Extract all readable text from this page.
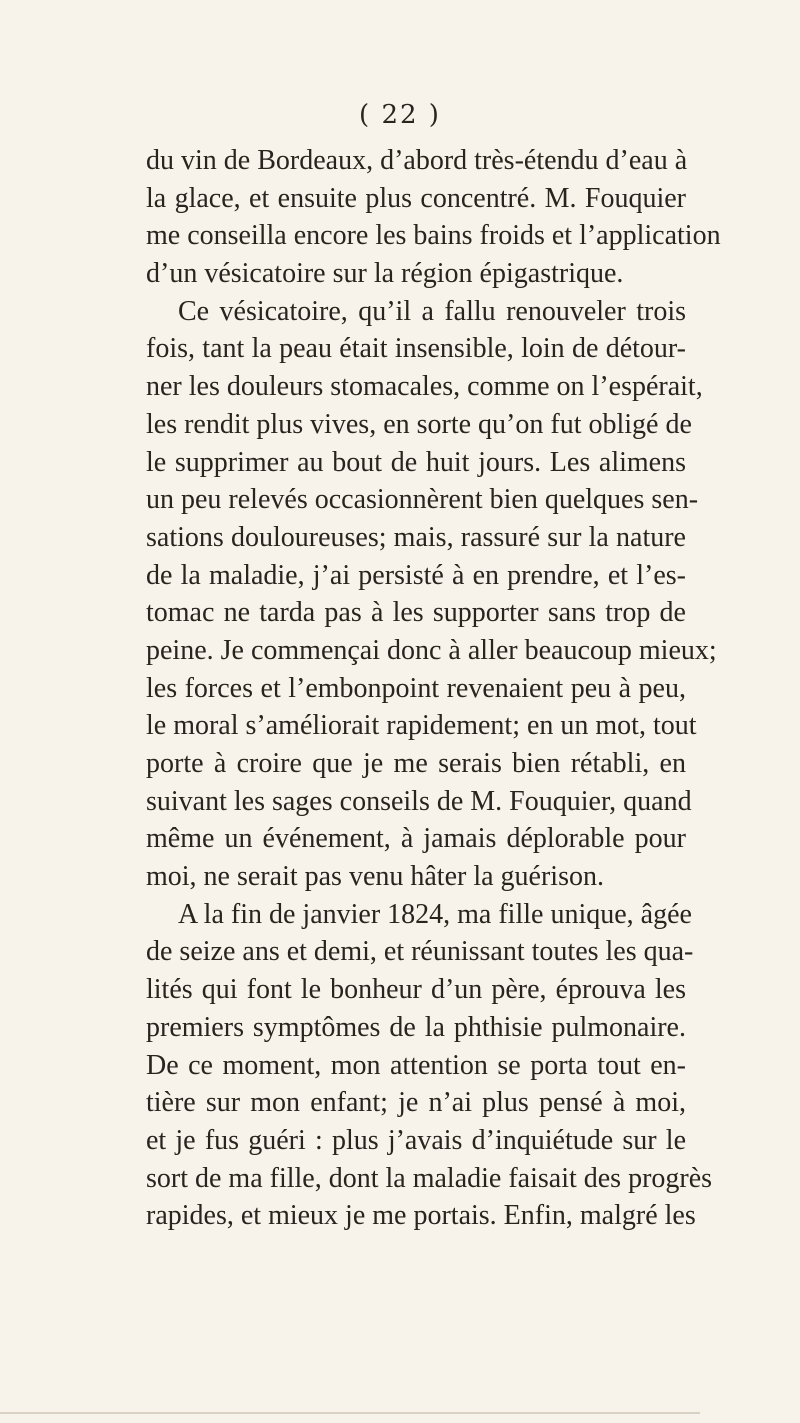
( 22 )
du vin de Bordeaux, d’abord très-étendu d’eau à
la glace, et ensuite plus concentré. M. Fouquier
me conseilla encore les bains froids et l’application
d’un vésicatoire sur la région épigastrique.
Ce vésicatoire, qu’il a fallu renouveler trois
fois, tant la peau était insensible, loin de détour-
ner les douleurs stomacales, comme on l’espérait,
les rendit plus vives, en sorte qu’on fut obligé de
le supprimer au bout de huit jours. Les alimens
un peu relevés occasionnèrent bien quelques sen-
sations douloureuses; mais, rassuré sur la nature
de la maladie, j’ai persisté à en prendre, et l’es-
tomac ne tarda pas à les supporter sans trop de
peine. Je commençai donc à aller beaucoup mieux;
les forces et l’embonpoint revenaient peu à peu,
le moral s’améliorait rapidement; en un mot, tout
porte à croire que je me serais bien rétabli, en
suivant les sages conseils de M. Fouquier, quand
même un événement, à jamais déplorable pour
moi, ne serait pas venu hâter la guérison.
A la fin de janvier 1824, ma fille unique, âgée
de seize ans et demi, et réunissant toutes les qua-
lités qui font le bonheur d’un père, éprouva les
premiers symptômes de la phthisie pulmonaire.
De ce moment, mon attention se porta tout en-
tière sur mon enfant; je n’ai plus pensé à moi,
et je fus guéri : plus j’avais d’inquiétude sur le
sort de ma fille, dont la maladie faisait des progrès
rapides, et mieux je me portais. Enfin, malgré les
